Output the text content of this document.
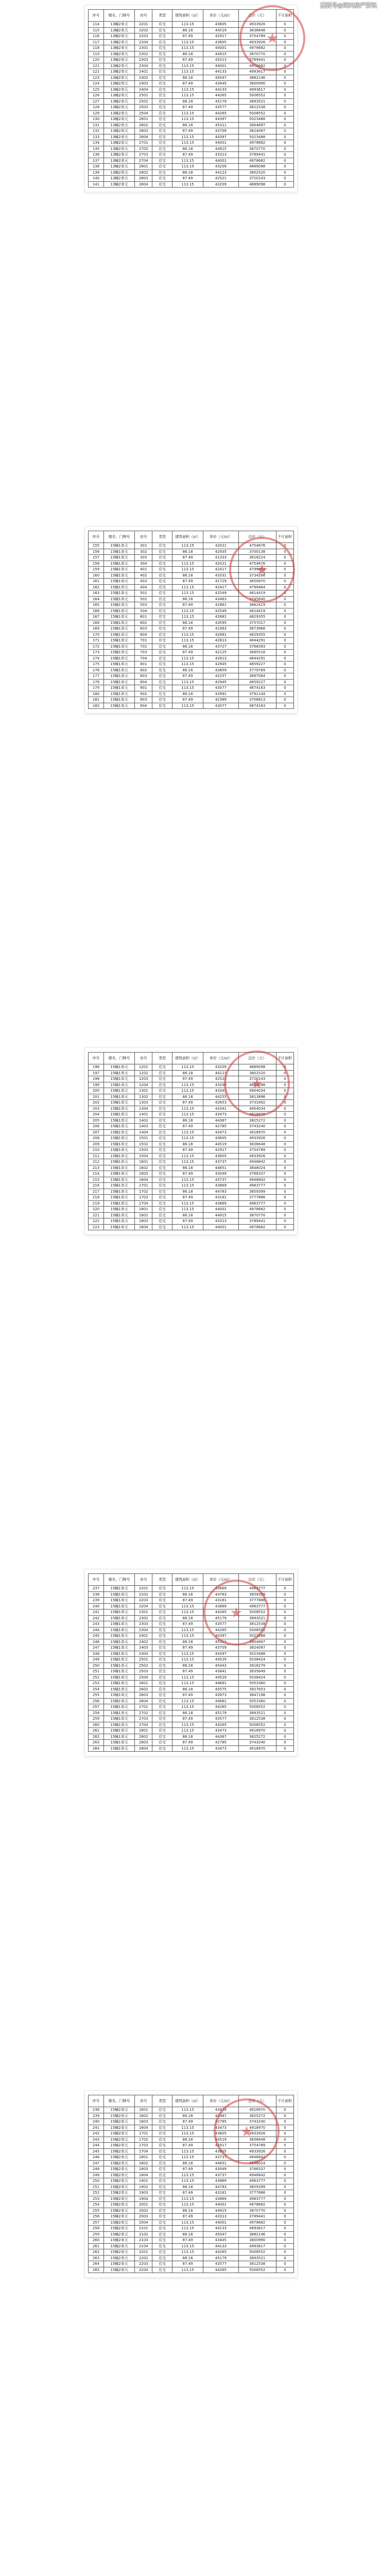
搜狐号@四川房产资讯
序号	楼名、门牌号	房号	类型	建筑面积（㎡）	单价（元/㎡）	总价（元）	不计面积
114	13幢2单元	2201	住宅	113.15	43605	4933926	0
115	13幢2单元	2202	住宅	86.18	44519	3836648	0
116	13幢2单元	2203	住宅	87.49	42917	3754789	0
117	13幢2单元	2204	住宅	113.15	43605	4933926	0
118	13幢2单元	2301	住宅	113.15	44001	4978682	0
119	13幢2单元	2302	住宅	86.18	44915	3870770	0
120	13幢2单元	2303	住宅	87.49	43313	3789441	0
121	13幢2单元	2304	住宅	113.15	44001	4978682	0
122	13幢2单元	2401	住宅	113.15	44133	4993617	0
123	13幢2单元	2402	住宅	86.18	45047	3882146	0
124	13幢2单元	2403	住宅	87.49	43445	3800990	0
125	13幢2单元	2404	住宅	113.15	44133	4993617	0
126	13幢2单元	2501	住宅	113.15	44265	5008552	0
127	13幢2单元	2502	住宅	86.18	45179	3893521	0
128	13幢2单元	2503	住宅	87.49	43577	3812538	0
129	13幢2单元	2504	住宅	113.15	44265	5008552	0
130	13幢2单元	2601	住宅	113.15	44397	5023488	0
131	13幢2单元	2602	住宅	86.18	45311	3904897	0
132	13幢2单元	2603	住宅	87.49	43709	3824087	0
133	13幢2单元	2604	住宅	113.15	44397	5023488	0
134	13幢2单元	2701	住宅	113.15	44001	4978682	0
135	13幢2单元	2702	住宅	86.18	44915	3870770	0
136	13幢2单元	2703	住宅	87.49	43313	3789441	0
137	13幢2单元	2704	住宅	113.15	44001	4978682	0
138	13幢2单元	2801	住宅	113.15	43209	4889098	0
139	13幢2单元	2802	住宅	86.18	44123	3802520	0
140	13幢2单元	2803	住宅	87.49	42521	3720143	0
141	13幢2单元	2804	住宅	113.15	43209	4889098	0
★
序号	楼名、门牌号	房号	类型	建筑面积（㎡）	单价（元/㎡）	总价（元）	不计面积
155	15幢1单元	301	住宅	113.15	42021	4754676	0
156	15幢1单元	302	住宅	86.18	42935	3700138	0
157	15幢1单元	303	住宅	87.49	41333	3616224	0
158	15幢1单元	304	住宅	113.15	42021	4754676	0
159	15幢1单元	401	住宅	113.15	42417	4799484	0
160	15幢1单元	402	住宅	86.18	43331	3734266	0
161	15幢1单元	403	住宅	87.49	41729	3650870	0
162	15幢1单元	404	住宅	113.15	42417	4799484	0
163	15幢1单元	501	住宅	113.15	42549	4814419	0
164	15幢1单元	502	住宅	86.18	43463	3745640	0
165	15幢1单元	503	住宅	87.49	41861	3662419	0
166	15幢1单元	504	住宅	113.15	42549	4814419	0
167	15幢1单元	601	住宅	113.15	42681	4829355	0
168	15幢1单元	602	住宅	86.18	43595	3757017	0
169	15幢1单元	603	住宅	87.49	41993	3673968	0
170	15幢1单元	604	住宅	113.15	42681	4829355	0
171	15幢1单元	701	住宅	113.15	42813	4844291	0
172	15幢1单元	702	住宅	86.18	43727	3768393	0
173	15幢1单元	703	住宅	87.49	42125	3685516	0
174	15幢1单元	704	住宅	113.15	42813	4844291	0
175	15幢1单元	801	住宅	113.15	42945	4859227	0
176	15幢1单元	802	住宅	86.18	43859	3779769	0
177	15幢1单元	803	住宅	87.49	42257	3697064	0
178	15幢1单元	804	住宅	113.15	42945	4859227	0
179	15幢1单元	901	住宅	113.15	43077	4874163	0
180	15幢1单元	902	住宅	86.18	43991	3791144	0
181	15幢1单元	903	住宅	87.49	42389	3708613	0
182	15幢1单元	904	住宅	113.15	43077	4874163	0
★
序号	楼名、门牌号	房号	类型	建筑面积（㎡）	单价（元/㎡）	总价（元）	不计面积
196	15幢1单元	1201	住宅	113.15	43209	4889098	0
197	15幢1单元	1202	住宅	86.18	44123	3802520	0
198	15幢1单元	1203	住宅	87.49	42521	3720143	0
199	15幢1单元	1204	住宅	113.15	43209	4889098	0
200	15幢1单元	1301	住宅	113.15	43341	4904034	0
201	15幢1单元	1302	住宅	86.18	44255	3813896	0
202	15幢1单元	1303	住宅	87.49	42653	3731692	0
203	15幢1单元	1304	住宅	113.15	43341	4904034	0
204	15幢1单元	1401	住宅	113.15	43473	4918970	0
205	15幢1单元	1402	住宅	86.18	44387	3825272	0
206	15幢1单元	1403	住宅	87.49	42785	3743240	0
207	15幢1单元	1404	住宅	113.15	43473	4918970	0
208	15幢1单元	1501	住宅	113.15	43605	4933926	0
209	15幢1单元	1502	住宅	86.18	44519	3836648	0
210	15幢1单元	1503	住宅	87.49	42917	3754789	0
211	15幢1单元	1504	住宅	113.15	43605	4933926	0
212	15幢1单元	1601	住宅	113.15	43737	4948842	0
213	15幢1单元	1602	住宅	86.18	44651	3848024	0
214	15幢1单元	1603	住宅	87.49	43049	3766337	0
215	15幢1单元	1604	住宅	113.15	43737	4948842	0
216	15幢1单元	1701	住宅	113.15	43869	4963777	0
217	15幢1单元	1702	住宅	86.18	44783	3859399	0
218	15幢1单元	1703	住宅	87.49	43181	3777886	0
219	15幢1单元	1704	住宅	113.15	43869	4963777	0
220	15幢1单元	1801	住宅	113.15	44001	4978682	0
221	15幢1单元	1802	住宅	86.18	44915	3870770	0
222	15幢1单元	1803	住宅	87.49	43313	3789441	0
223	15幢1单元	1804	住宅	113.15	44001	4978682	0
★
序号	楼名、门牌号	房号	类型	建筑面积（㎡）	单价（元/㎡）	总价（元）	不计面积
237	15幢1单元	2201	住宅	113.15	43869	4963777	0
238	15幢1单元	2202	住宅	86.18	44783	3859399	0
239	15幢1单元	2203	住宅	87.49	43181	3777886	0
240	15幢1单元	2204	住宅	113.15	43869	4963777	0
241	15幢1单元	2301	住宅	113.15	44265	5008552	0
242	15幢1单元	2302	住宅	86.18	45179	3893521	0
243	15幢1单元	2303	住宅	87.49	43577	3812538	0
244	15幢1单元	2304	住宅	113.15	44265	5008552	0
245	15幢1单元	2401	住宅	113.15	44397	5023488	0
246	15幢1单元	2402	住宅	86.18	45311	3904897	0
247	15幢1单元	2403	住宅	87.49	43709	3824087	0
248	15幢1单元	2404	住宅	113.15	44397	5023488	0
249	15幢1单元	2501	住宅	113.15	44529	5038424	0
250	15幢1单元	2502	住宅	86.18	45443	3916279	0
251	15幢1单元	2503	住宅	87.49	43841	3835649	0
252	15幢1单元	2504	住宅	113.15	44529	5038424	0
253	15幢1单元	2601	住宅	113.15	44661	5053360	0
254	15幢1单元	2602	住宅	86.18	45575	3927653	0
255	15幢1单元	2603	住宅	87.49	43973	3847198	0
256	15幢1单元	2604	住宅	113.15	44661	5053360	0
257	15幢1单元	2701	住宅	113.15	44265	5008552	0
258	15幢1单元	2702	住宅	86.18	45179	3893521	0
259	15幢1单元	2703	住宅	87.49	43577	3812538	0
260	15幢1单元	2704	住宅	113.15	44265	5008552	0
261	15幢1单元	2801	住宅	113.15	43473	4918970	0
262	15幢1单元	2802	住宅	86.18	44387	3825272	0
263	15幢1单元	2803	住宅	87.49	42785	3743240	0
264	15幢1单元	2804	住宅	113.15	43473	4918970	0
★
序号	楼名、门牌号	房号	类型	建筑面积（㎡）	单价（元/㎡）	总价（元）	不计面积
238	15幢2单元	1601	住宅	113.15	43473	4918970	0
239	15幢2单元	1602	住宅	86.18	44387	3825272	0
240	15幢2单元	1603	住宅	87.49	42785	3743240	0
241	15幢2单元	1604	住宅	113.15	43473	4918970	0
242	15幢2单元	1701	住宅	113.15	43605	4933926	0
243	15幢2单元	1702	住宅	86.18	44519	3836648	0
244	15幢2单元	1703	住宅	87.49	42917	3754789	0
245	15幢2单元	1704	住宅	113.15	43605	4933926	0
246	15幢2单元	1801	住宅	113.15	43737	4948842	0
247	15幢2单元	1802	住宅	86.18	44651	3848024	0
248	15幢2单元	1803	住宅	87.49	43049	3766337	0
249	15幢2单元	1804	住宅	113.15	43737	4948842	0
250	15幢2单元	1901	住宅	113.15	43869	4963777	0
251	15幢2单元	1902	住宅	86.18	44783	3859399	0
252	15幢2单元	1903	住宅	87.49	43181	3777886	0
253	15幢2单元	1904	住宅	113.15	43869	4963777	0
254	15幢2单元	2001	住宅	113.15	44001	4978682	0
255	15幢2单元	2002	住宅	86.18	44915	3870770	0
256	15幢2单元	2003	住宅	87.49	43313	3789441	0
257	15幢2单元	2004	住宅	113.15	44001	4978682	0
258	15幢2单元	2101	住宅	113.15	44133	4993617	0
259	15幢2单元	2102	住宅	86.18	45047	3882146	0
260	15幢2单元	2103	住宅	87.49	43445	3800990	0
261	15幢2单元	2104	住宅	113.15	44133	4993617	0
262	15幢2单元	2201	住宅	113.15	44265	5008552	0
263	15幢2单元	2202	住宅	86.18	45179	3893521	0
264	15幢2单元	2203	住宅	87.49	43577	3812538	0
265	15幢2单元	2204	住宅	113.15	44265	5008552	0
★
